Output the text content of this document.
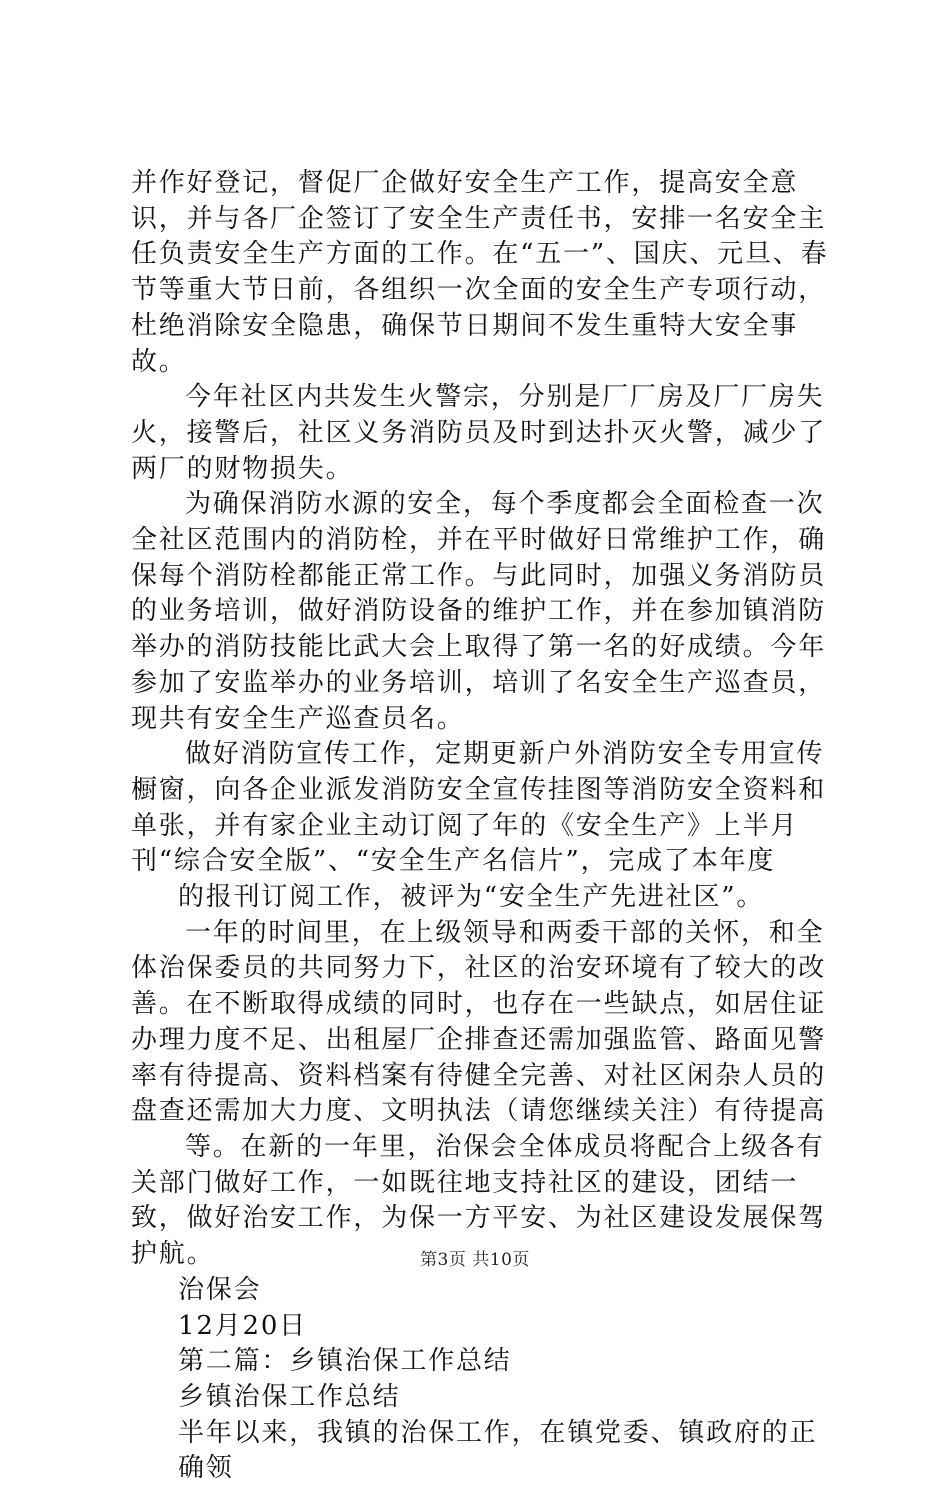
并作好登记，督促厂企做好安全生产工作，提高安全意识，并与各厂企签订了安全生产责任书，安排一名安全主任负责安全生产方面的工作。在“五一”、国庆、元旦、春节等重大节日前，各组织一次全面的安全生产专项行动，杜绝消除安全隐患，确保节日期间不发生重特大安全事故。

今年社区内共发生火警宗，分别是厂厂房及厂厂房失火，接警后，社区义务消防员及时到达扑灭火警，减少了两厂的财物损失。

为确保消防水源的安全，每个季度都会全面检查一次全社区范围内的消防栓，并在平时做好日常维护工作，确保每个消防栓都能正常工作。与此同时，加强义务消防员的业务培训，做好消防设备的维护工作，并在参加镇消防举办的消防技能比武大会上取得了第一名的好成绩。今年参加了安监举办的业务培训，培训了名安全生产巡查员，现共有安全生产巡查员名。

做好消防宣传工作，定期更新户外消防安全专用宣传橱窗，向各企业派发消防安全宣传挂图等消防安全资料和单张，并有家企业主动订阅了年的《安全生产》上半月刊“综合安全版”、“安全生产名信片”，完成了本年度

的报刊订阅工作，被评为“安全生产先进社区”。

一年的时间里，在上级领导和两委干部的关怀，和全体治保委员的共同努力下，社区的治安环境有了较大的改善。在不断取得成绩的同时，也存在一些缺点，如居住证办理力度不足、出租屋厂企排查还需加强监管、路面见警率有待提高、资料档案有待健全完善、对社区闲杂人员的盘查还需加大力度、文明执法（请您继续关注）有待提高

等。在新的一年里，治保会全体成员将配合上级各有关部门做好工作，一如既往地支持社区的建设，团结一致，做好治安工作，为保一方平安、为社区建设发展保驾护航。

治保会

12月20日

第二篇：乡镇治保工作总结

乡镇治保工作总结

半年以来，我镇的治保工作，在镇党委、镇政府的正确领

第3页 共10页
